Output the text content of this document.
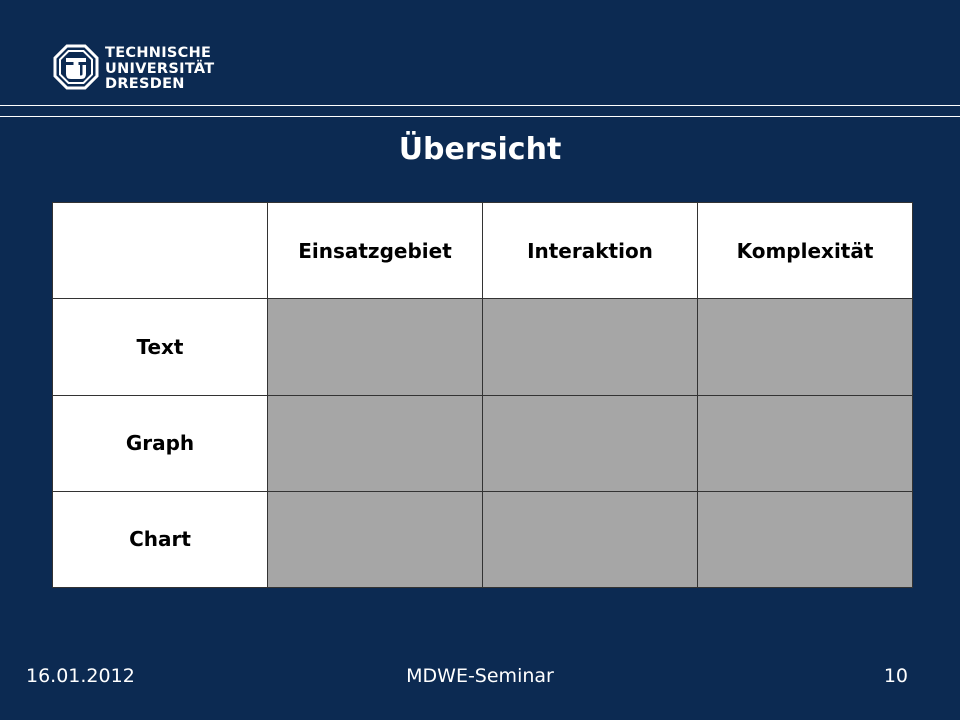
TECHNISCHE
UNIVERSITÄT
DRESDEN
Übersicht
	Einsatzgebiet	Interaktion	Komplexität
Text			
Graph			
Chart			
16.01.2012	MDWE-Seminar	10
